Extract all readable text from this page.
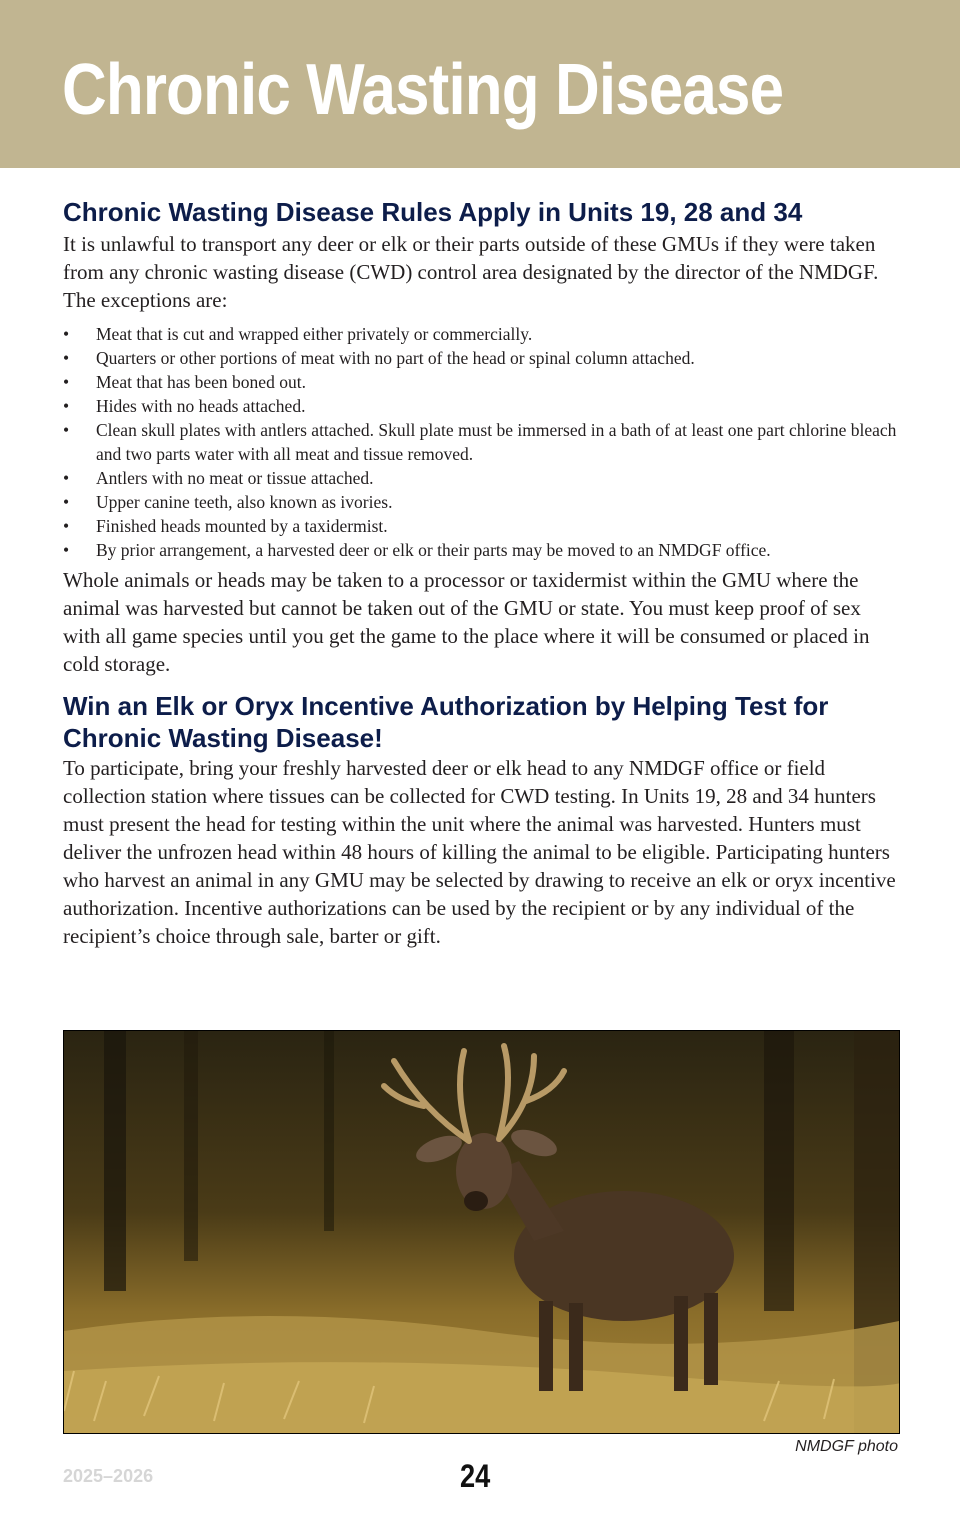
Chronic Wasting Disease
Chronic Wasting Disease Rules Apply in Units 19, 28 and 34

It is unlawful to transport any deer or elk or their parts outside of these GMUs if they were taken from any chronic wasting disease (CWD) control area designated by the director of the NMDGF. The exceptions are:

•	Meat that is cut and wrapped either privately or commercially.
•	Quarters or other portions of meat with no part of the head or spinal column attached.
•	Meat that has been boned out.
•	Hides with no heads attached.
•	Clean skull plates with antlers attached. Skull plate must be immersed in a bath of at least one part chlorine bleach and two parts water with all meat and tissue removed.
•	Antlers with no meat or tissue attached.
•	Upper canine teeth, also known as ivories.
•	Finished heads mounted by a taxidermist.
•	By prior arrangement, a harvested deer or elk or their parts may be moved to an NMDGF office.

Whole animals or heads may be taken to a processor or taxidermist within the GMU where the animal was harvested but cannot be taken out of the GMU or state. You must keep proof of sex with all game species until you get the game to the place where it will be consumed or placed in cold storage.

Win an Elk or Oryx Incentive Authorization by Helping Test for Chronic Wasting Disease!

To participate, bring your freshly harvested deer or elk head to any NMDGF office or field collection station where tissues can be collected for CWD testing. In Units 19, 28 and 34 hunters must present the head for testing within the unit where the animal was harvested. Hunters must deliver the unfrozen head within 48 hours of killing the animal to be eligible. Participating hunters who harvest an animal in any GMU may be selected by drawing to receive an elk or oryx incentive authorization. Incentive authorizations can be used by the recipient or by any individual of the recipient’s choice through sale, barter or gift.

NMDGF photo
2025–2026	24
